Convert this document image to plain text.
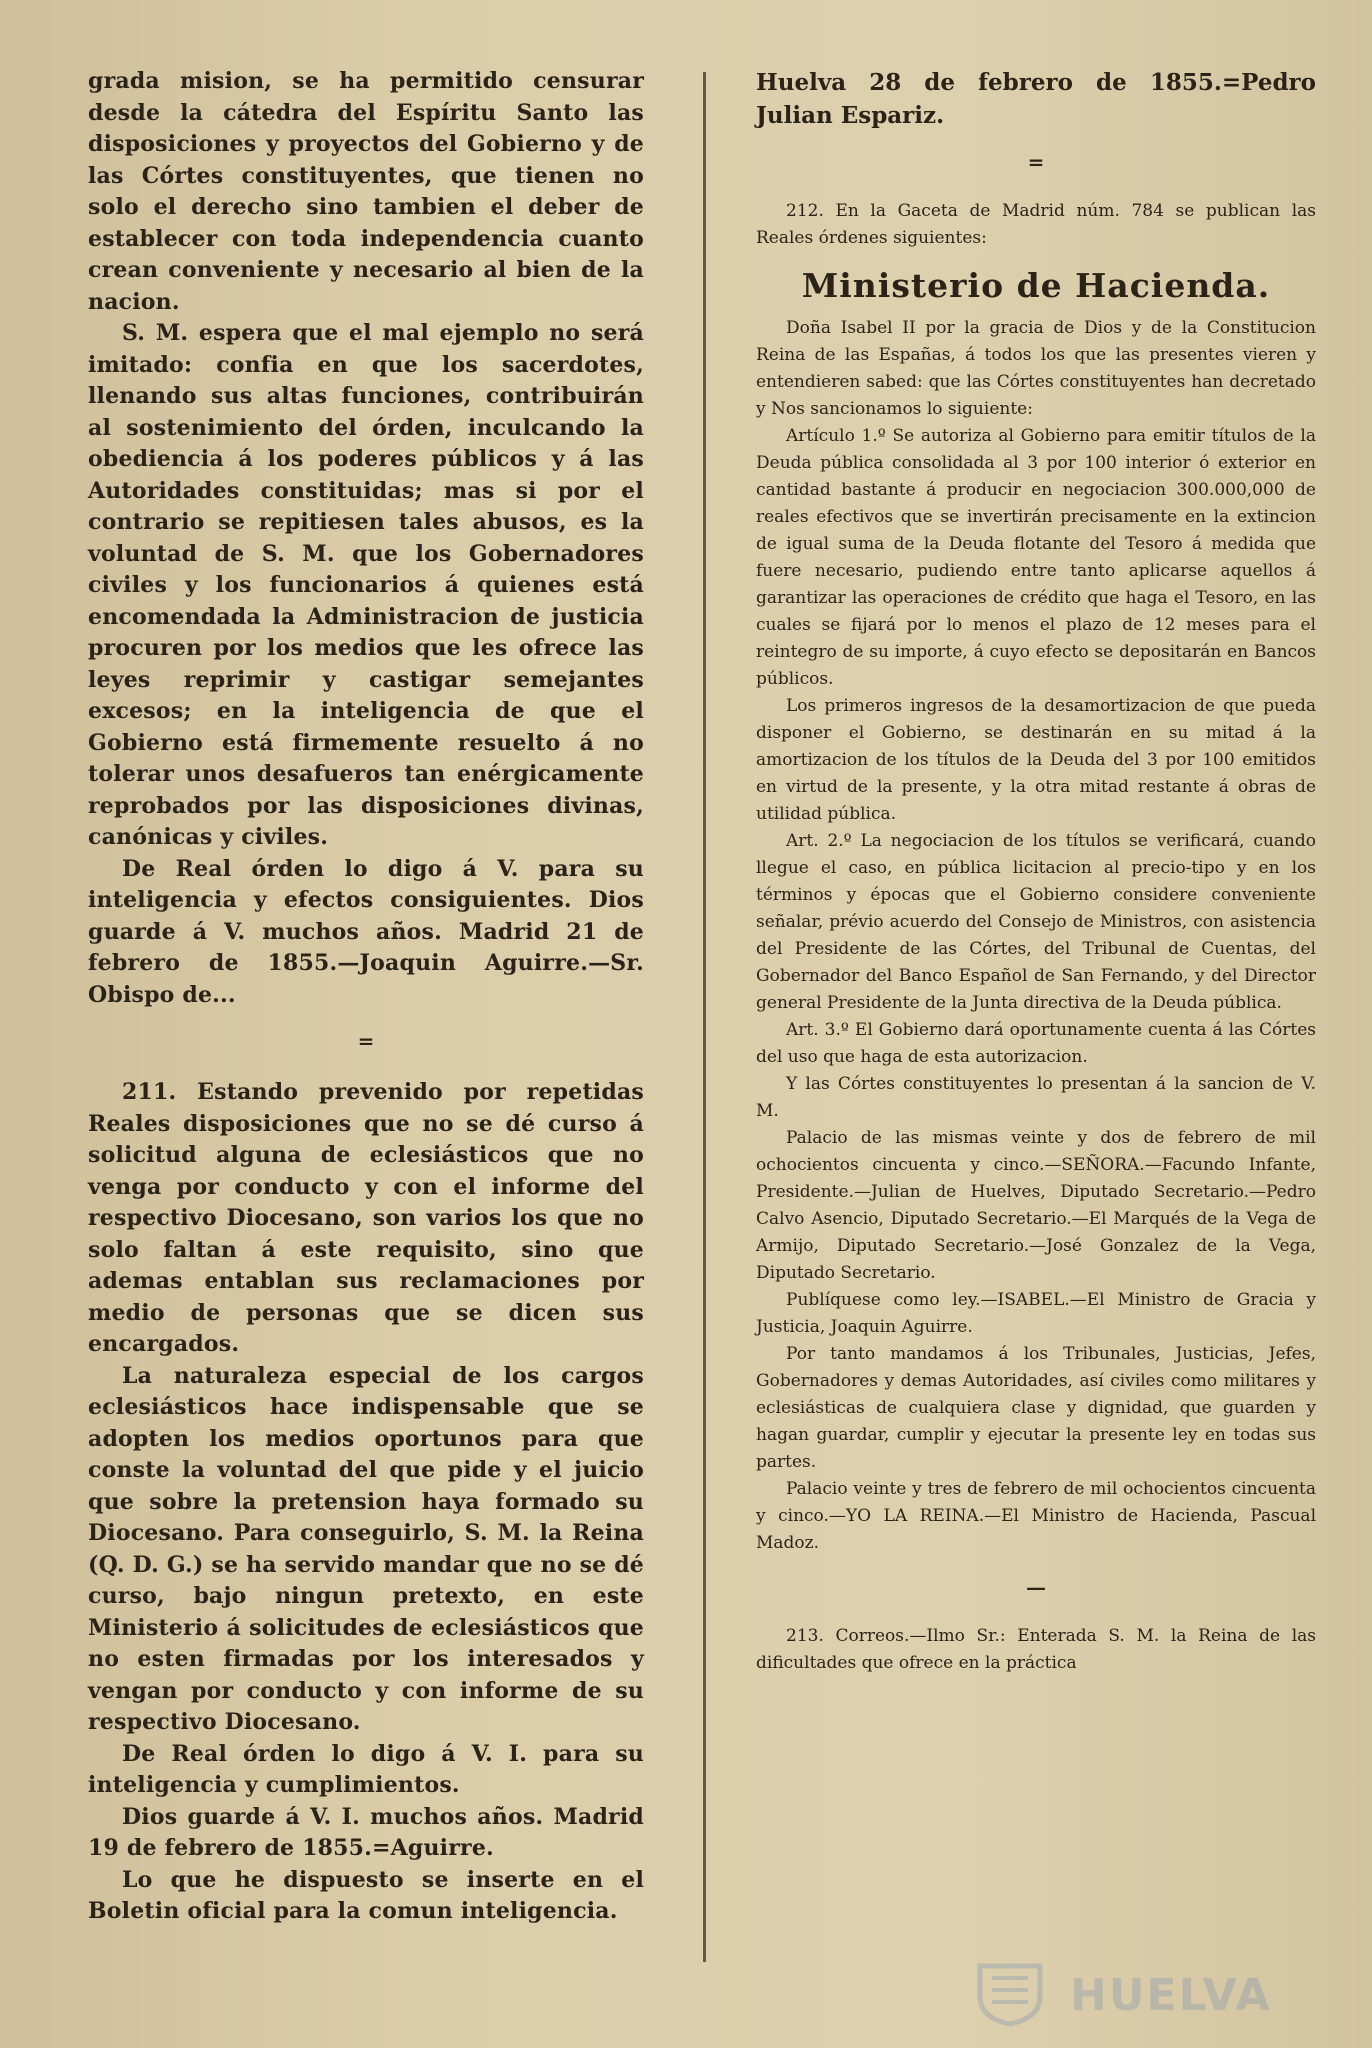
grada mision, se ha permitido censurar desde la cátedra del Espíritu Santo las disposiciones y proyectos del Gobierno y de las Córtes constituyentes, que tienen no solo el derecho sino tambien el deber de establecer con toda independencia cuanto crean conveniente y necesario al bien de la nacion.

S. M. espera que el mal ejemplo no será imitado: confia en que los sacerdotes, llenando sus altas funciones, contribuirán al sostenimiento del órden, inculcando la obediencia á los poderes públicos y á las Autoridades constituidas; mas si por el contrario se repitiesen tales abusos, es la voluntad de S. M. que los Gobernadores civiles y los funcionarios á quienes está encomendada la Administracion de justicia procuren por los medios que les ofrece las leyes reprimir y castigar semejantes excesos; en la inteligencia de que el Gobierno está firmemente resuelto á no tolerar unos desafueros tan enérgicamente reprobados por las disposiciones divinas, canónicas y civiles.

De Real órden lo digo á V. para su inteligencia y efectos consiguientes. Dios guarde á V. muchos años. Madrid 21 de febrero de 1855.—Joaquin Aguirre.—Sr. Obispo de...

=

211. Estando prevenido por repetidas Reales disposiciones que no se dé curso á solicitud alguna de eclesiásticos que no venga por conducto y con el informe del respectivo Diocesano, son varios los que no solo faltan á este requisito, sino que ademas entablan sus reclamaciones por medio de personas que se dicen sus encargados.

La naturaleza especial de los cargos eclesiásticos hace indispensable que se adopten los medios oportunos para que conste la voluntad del que pide y el juicio que sobre la pretension haya formado su Diocesano. Para conseguirlo, S. M. la Reina (Q. D. G.) se ha servido mandar que no se dé curso, bajo ningun pretexto, en este Ministerio á solicitudes de eclesiásticos que no esten firmadas por los interesados y vengan por conducto y con informe de su respectivo Diocesano.

De Real órden lo digo á V. I. para su inteligencia y cumplimientos.

Dios guarde á V. I. muchos años. Madrid 19 de febrero de 1855.=Aguirre.

Lo que he dispuesto se inserte en el Boletin oficial para la comun inteligencia.

Huelva 28 de febrero de 1855.=Pedro Julian Espariz.

=

212. En la Gaceta de Madrid núm. 784 se publican las Reales órdenes siguientes:

Ministerio de Hacienda.

Doña Isabel II por la gracia de Dios y de la Constitucion Reina de las Españas, á todos los que las presentes vieren y entendieren sabed: que las Córtes constituyentes han decretado y Nos sancionamos lo siguiente:

Artículo 1.º Se autoriza al Gobierno para emitir títulos de la Deuda pública consolidada al 3 por 100 interior ó exterior en cantidad bastante á producir en negociacion 300.000,000 de reales efectivos que se invertirán precisamente en la extincion de igual suma de la Deuda flotante del Tesoro á medida que fuere necesario, pudiendo entre tanto aplicarse aquellos á garantizar las operaciones de crédito que haga el Tesoro, en las cuales se fijará por lo menos el plazo de 12 meses para el reintegro de su importe, á cuyo efecto se depositarán en Bancos públicos.

Los primeros ingresos de la desamortizacion de que pueda disponer el Gobierno, se destinarán en su mitad á la amortizacion de los títulos de la Deuda del 3 por 100 emitidos en virtud de la presente, y la otra mitad restante á obras de utilidad pública.

Art. 2.º La negociacion de los títulos se verificará, cuando llegue el caso, en pública licitacion al precio-tipo y en los términos y épocas que el Gobierno considere conveniente señalar, prévio acuerdo del Consejo de Ministros, con asistencia del Presidente de las Córtes, del Tribunal de Cuentas, del Gobernador del Banco Español de San Fernando, y del Director general Presidente de la Junta directiva de la Deuda pública.

Art. 3.º El Gobierno dará oportunamente cuenta á las Córtes del uso que haga de esta autorizacion.

Y las Córtes constituyentes lo presentan á la sancion de V. M.

Palacio de las mismas veinte y dos de febrero de mil ochocientos cincuenta y cinco.—SEÑORA.—Facundo Infante, Presidente.—Julian de Huelves, Diputado Secretario.—Pedro Calvo Asencio, Diputado Secretario.—El Marqués de la Vega de Armijo, Diputado Secretario.—José Gonzalez de la Vega, Diputado Secretario.

Publíquese como ley.—ISABEL.—El Ministro de Gracia y Justicia, Joaquin Aguirre.

Por tanto mandamos á los Tribunales, Justicias, Jefes, Gobernadores y demas Autoridades, así civiles como militares y eclesiásticas de cualquiera clase y dignidad, que guarden y hagan guardar, cumplir y ejecutar la presente ley en todas sus partes.

Palacio veinte y tres de febrero de mil ochocientos cincuenta y cinco.—YO LA REINA.—El Ministro de Hacienda, Pascual Madoz.

—

213. Correos.—Ilmo Sr.: Enterada S. M. la Reina de las dificultades que ofrece en la práctica

HUELVA
